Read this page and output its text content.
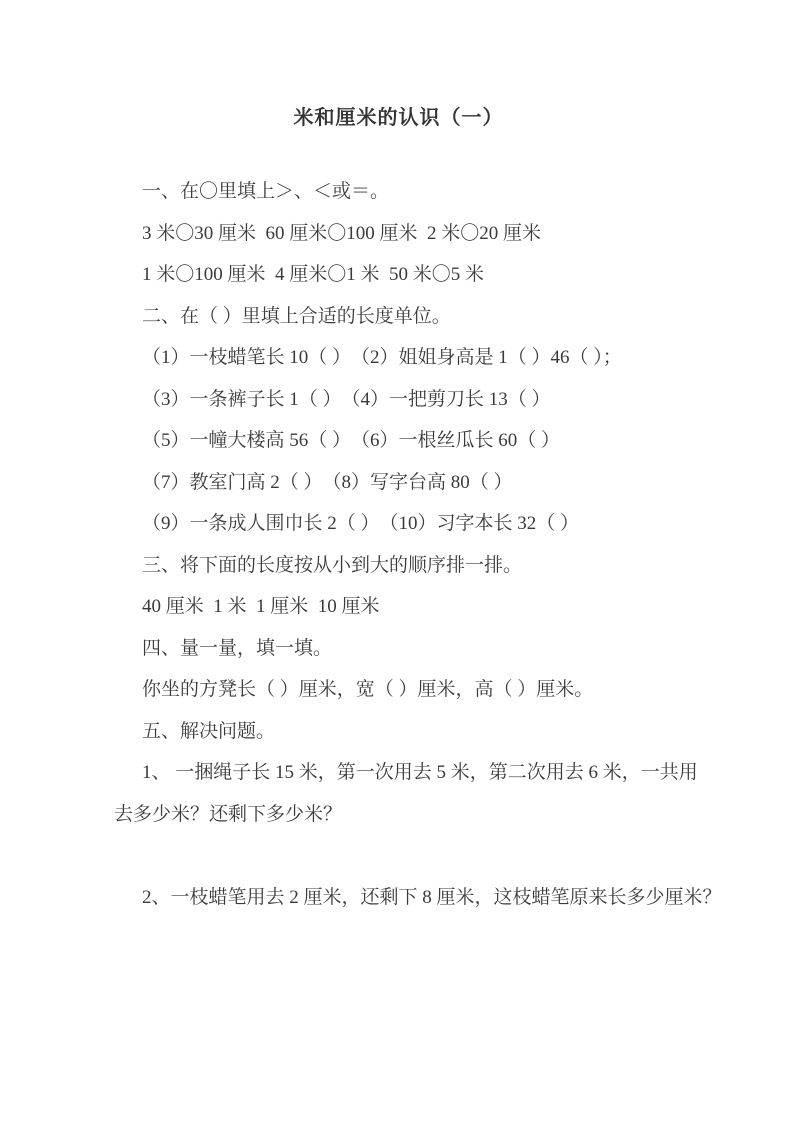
米和厘米的认识（一）

一、在〇里填上＞、＜或＝。

3 米〇30 厘米  60 厘米〇100 厘米  2 米〇20 厘米

1 米〇100 厘米  4 厘米〇1 米  50 米〇5 米

二、在（ ）里填上合适的长度单位。

（1）一枝蜡笔长 10（ ）　（2）姐姐身高是 1（ ）46（ ）；

（3）一条裤子长 1（ ）　（4）一把剪刀长 13（ ）

（5）一幢大楼高 56（ ）　（6）一根丝瓜长 60（ ）

（7）教室门高 2（ ）　（8）写字台高 80（ ）

（9）一条成人围巾长 2（ ）　（10）习字本长 32（ ）

三、将下面的长度按从小到大的顺序排一排。

40 厘米  1 米  1 厘米  10 厘米

四、量一量，填一填。

你坐的方凳长（ ）厘米，宽（ ）厘米，高（ ）厘米。

五、解决问题。

1、 一捆绳子长 15 米，第一次用去 5 米，第二次用去 6 米，一共用

去多少米？还剩下多少米？

2、一枝蜡笔用去 2 厘米，还剩下 8 厘米，这枝蜡笔原来长多少厘米？
